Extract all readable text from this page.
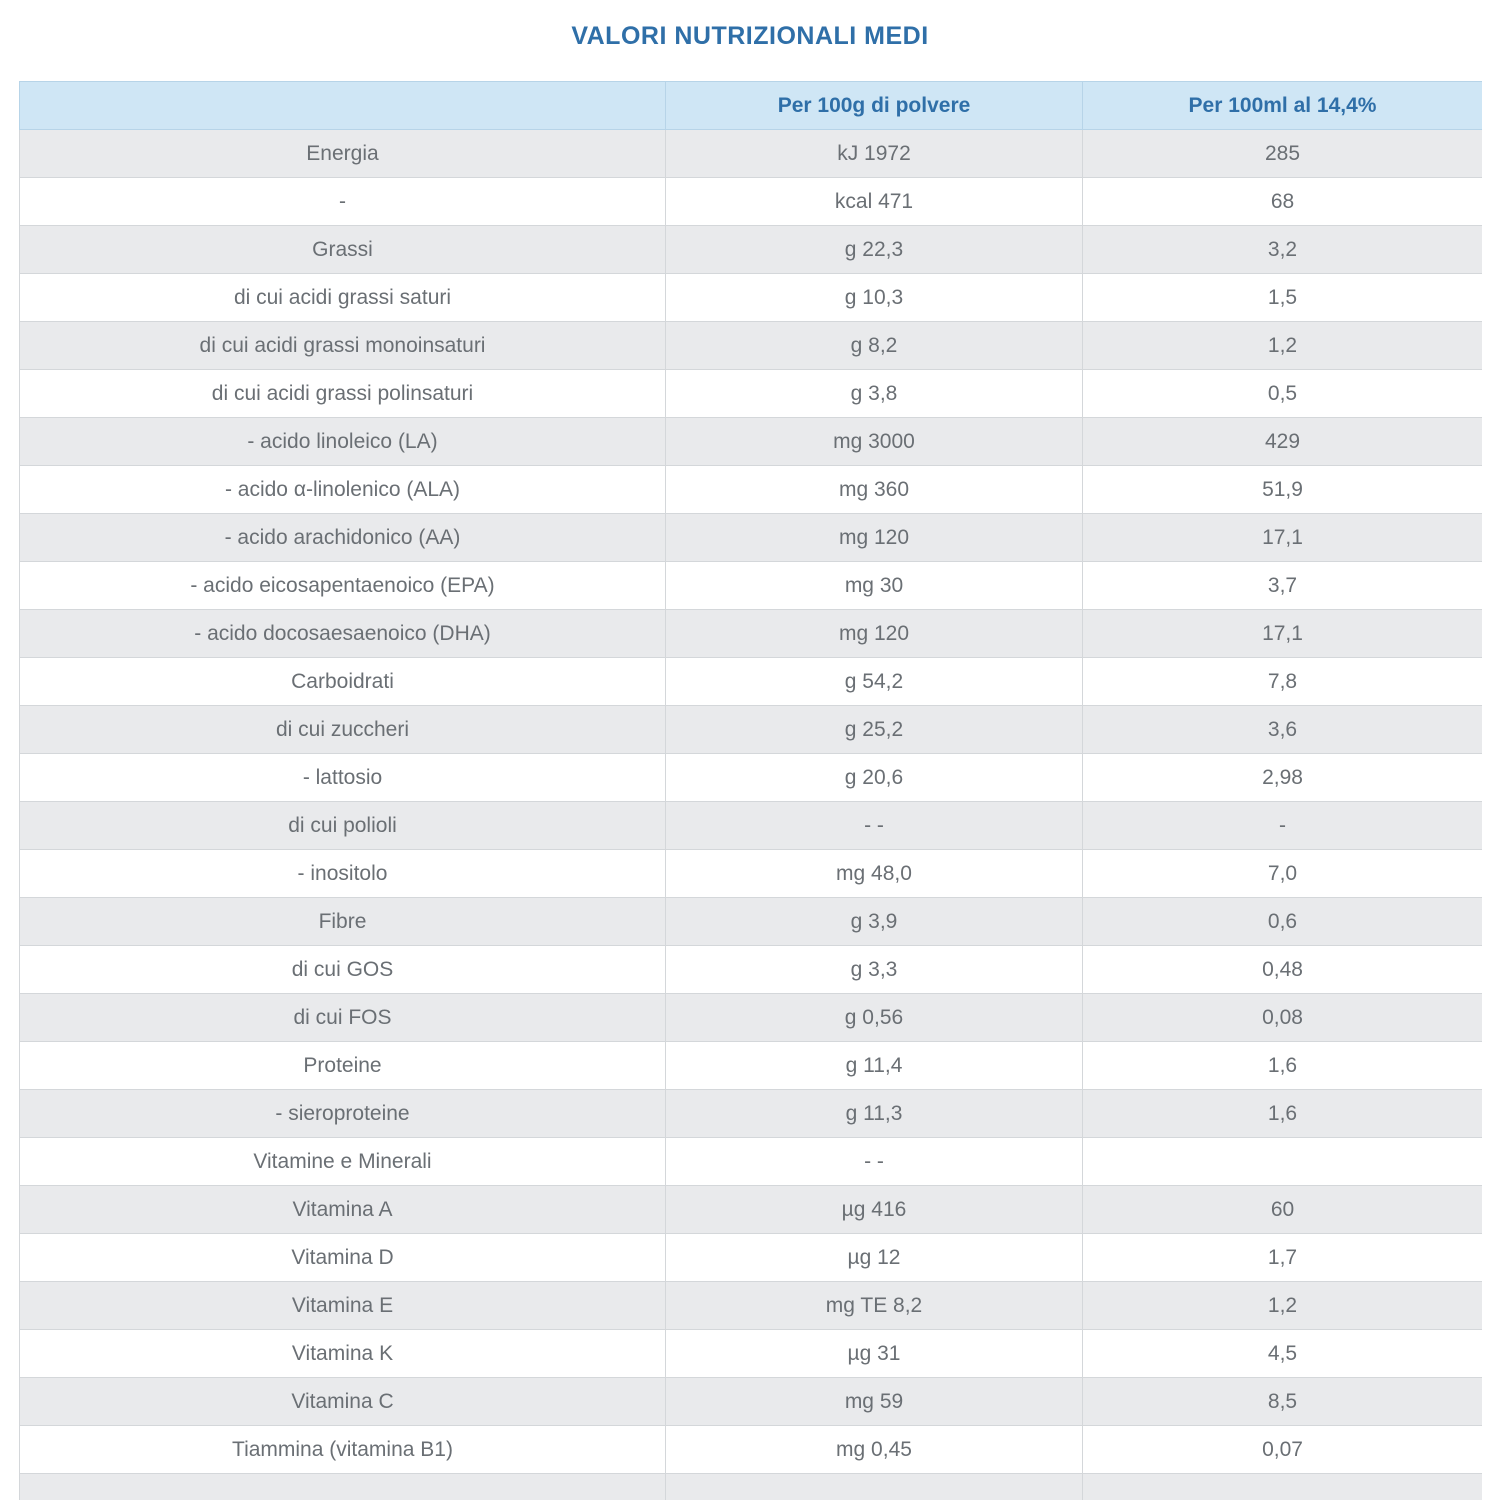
VALORI NUTRIZIONALI MEDI
	Per 100g di polvere	Per 100ml al 14,4%
Energia	kJ 1972	285
-	kcal 471	68
Grassi	g 22,3	3,2
di cui acidi grassi saturi	g 10,3	1,5
di cui acidi grassi monoinsaturi	g 8,2	1,2
di cui acidi grassi polinsaturi	g 3,8	0,5
- acido linoleico (LA)	mg 3000	429
- acido α-linolenico (ALA)	mg 360	51,9
- acido arachidonico (AA)	mg 120	17,1
- acido eicosapentaenoico (EPA)	mg 30	3,7
- acido docosaesaenoico (DHA)	mg 120	17,1
Carboidrati	g 54,2	7,8
di cui zuccheri	g 25,2	3,6
- lattosio	g 20,6	2,98
di cui polioli	- -	-
- inositolo	mg 48,0	7,0
Fibre	g 3,9	0,6
di cui GOS	g 3,3	0,48
di cui FOS	g 0,56	0,08
Proteine	g 11,4	1,6
- sieroproteine	g 11,3	1,6
Vitamine e Minerali	- -	
Vitamina A	µg 416	60
Vitamina D	µg 12	1,7
Vitamina E	mg TE 8,2	1,2
Vitamina K	µg 31	4,5
Vitamina C	mg 59	8,5
Tiammina (vitamina B1)	mg 0,45	0,07
